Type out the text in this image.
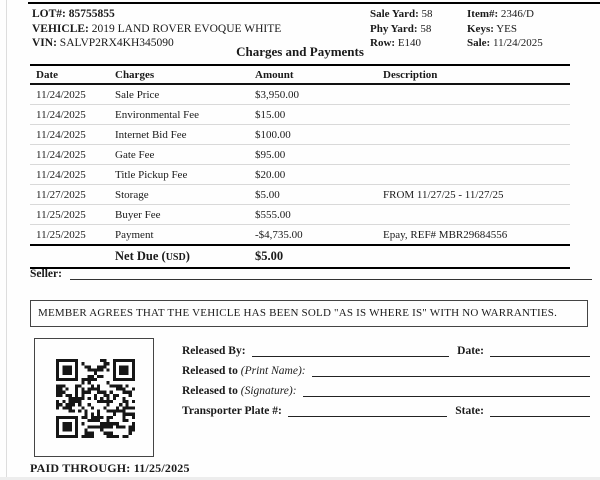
LOT#: 85755855
VEHICLE: 2019 LAND ROVER EVOQUE WHITE
VIN: SALVP2RX4KH345090
Sale Yard: 58
Phy Yard: 58
Row: E140
Item#: 2346/D
Keys: YES
Sale: 11/24/2025
Charges and Payments
Date	Charges	Amount	Description
11/24/2025	Sale Price	$3,950.00
11/24/2025	Environmental Fee	$15.00
11/24/2025	Internet Bid Fee	$100.00
11/24/2025	Gate Fee	$95.00
11/24/2025	Title Pickup Fee	$20.00
11/27/2025	Storage	$5.00	FROM 11/27/25 - 11/27/25
11/25/2025	Buyer Fee	$555.00
11/25/2025	Payment	-$4,735.00	Epay, REF# MBR29684556
Net Due (USD)	$5.00
Seller:
MEMBER AGREES THAT THE VEHICLE HAS BEEN SOLD "AS IS WHERE IS" WITH NO WARRANTIES.
PAID THROUGH: 11/25/2025
Released By:	Date:
Released to
(Print Name):
Released to
(Signature):
Transporter Plate #:	State:
